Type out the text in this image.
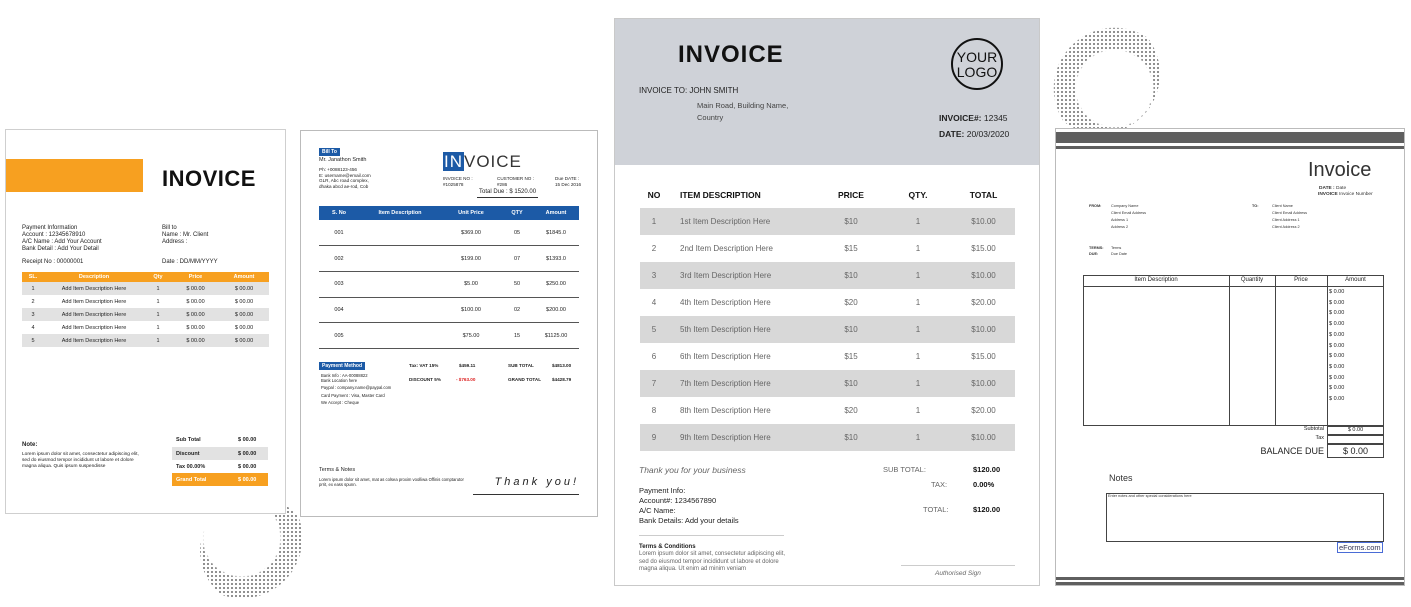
INOVICE
Payment Information
Account : 12345678910
A/C Name : Add Your Account
Bank Detail : Add Your Detail
Bill to
Name : Mr. Client
Address :
Receipt No : 00000001	Date : DD/MM/YYYY
SL.	Description	Qty	Price	Amount
1	Add Item Description Here	1	$ 00.00	$ 00.00
2	Add Item Description Here	1	$ 00.00	$ 00.00
3	Add Item Description Here	1	$ 00.00	$ 00.00
4	Add Item Description Here	1	$ 00.00	$ 00.00
5	Add Item Description Here	1	$ 00.00	$ 00.00
Note:
Lorem ipsum dolor sit amet, consectetur adipiscing elit, sed do eiusmod tempor incididunt ut labore et dolore magna aliqua. Quis ipsum suspendisse
Sub Total	$ 00.00
Discount	$ 00.00
Tax 00.00%	$ 00.00
Grand Total	$ 00.00
Bill To
Mr. Janathon Smith
Ph: +0088123-456
E: username@email.com
GLR, Abc road complex,
dhaka abcd ae-rod, Cob
INVOICE
INVOICE NO :
#1025878
CUSTOMER NO :
#286
Due DATE :
15 Dec 2016
Total Due : $ 1520.00
S. No	Item Description	Unit Price	QTY	Amount
001		$369.00	05	$1845.0
002		$199.00	07	$1393.0
003		$5.00	50	$250.00
004		$100.00	02	$200.00
005		$75.00	15	$1125.00
Payment Method
Bank Info : AA-00088822
Bank Location here
Paypal : company.name@paypal.com
Card Payment : Visa, Master Card
We Accept : Cheque
Tax: VAT 15%	$459.11
DISCOUNT 5%	- $763.00
SUB TOTAL	$4813.00
GRAND TOTAL $4428.79
Terms & Notes
Lorem ipsum dolor sit amet, mat as colsea proxim voolliwa Offinis comptarutor prrit, ex eass spunn.	Thank you!
INVOICE	YOUR
LOGO
INVOICE TO: JOHN SMITH
Main Road, Building Name,
Country	INVOICE#: 12345
DATE: 20/03/2020
NO	ITEM DESCRIPTION	PRICE	QTY.	TOTAL
1	1st Item Description Here	$10	1	$10.00
2	2nd Item Description Here	$15	1	$15.00
3	3rd Item Description Here	$10	1	$10.00
4	4th Item Description Here	$20	1	$20.00
5	5th Item Description Here	$10	1	$10.00
6	6th Item Description Here	$15	1	$15.00
7	7th Item Description Here	$10	1	$10.00
8	8th Item Description Here	$20	1	$20.00
9	9th Item Description Here	$10	1	$10.00
Thank you for your business
Payment Info:
Account#: 1234567890
A/C Name:
Bank Details: Add your details
Terms & Conditions
Lorem ipsum dolor sit amet, consectetur adipiscing elit, sed do eiusmod tempor incididunt ut labore et dolore magna aliqua. Ut enim ad minim veniam
SUB TOTAL:	$120.00
TAX:	0.00%
TOTAL:	$120.00
Authorised Sign
Invoice
DATE : Date
INVOICE Invoice Number
FROM:	Company Name
Client Email Address
Address 1
Address 2
TO:	Client Name
Client Email Address
Client Address 1
Client Address 2
TERMS:
DUE:
Terms
Due Date
Item Description	Quantity	Price	Amount
$ 0.00
$ 0.00
$ 0.00
$ 0.00
$ 0.00
$ 0.00
$ 0.00
$ 0.00
$ 0.00
$ 0.00
$ 0.00
Subtotal	$ 0.00
Tax
BALANCE DUE	$ 0.00
Notes
Enter notes and other special considerations here
eForms.com
